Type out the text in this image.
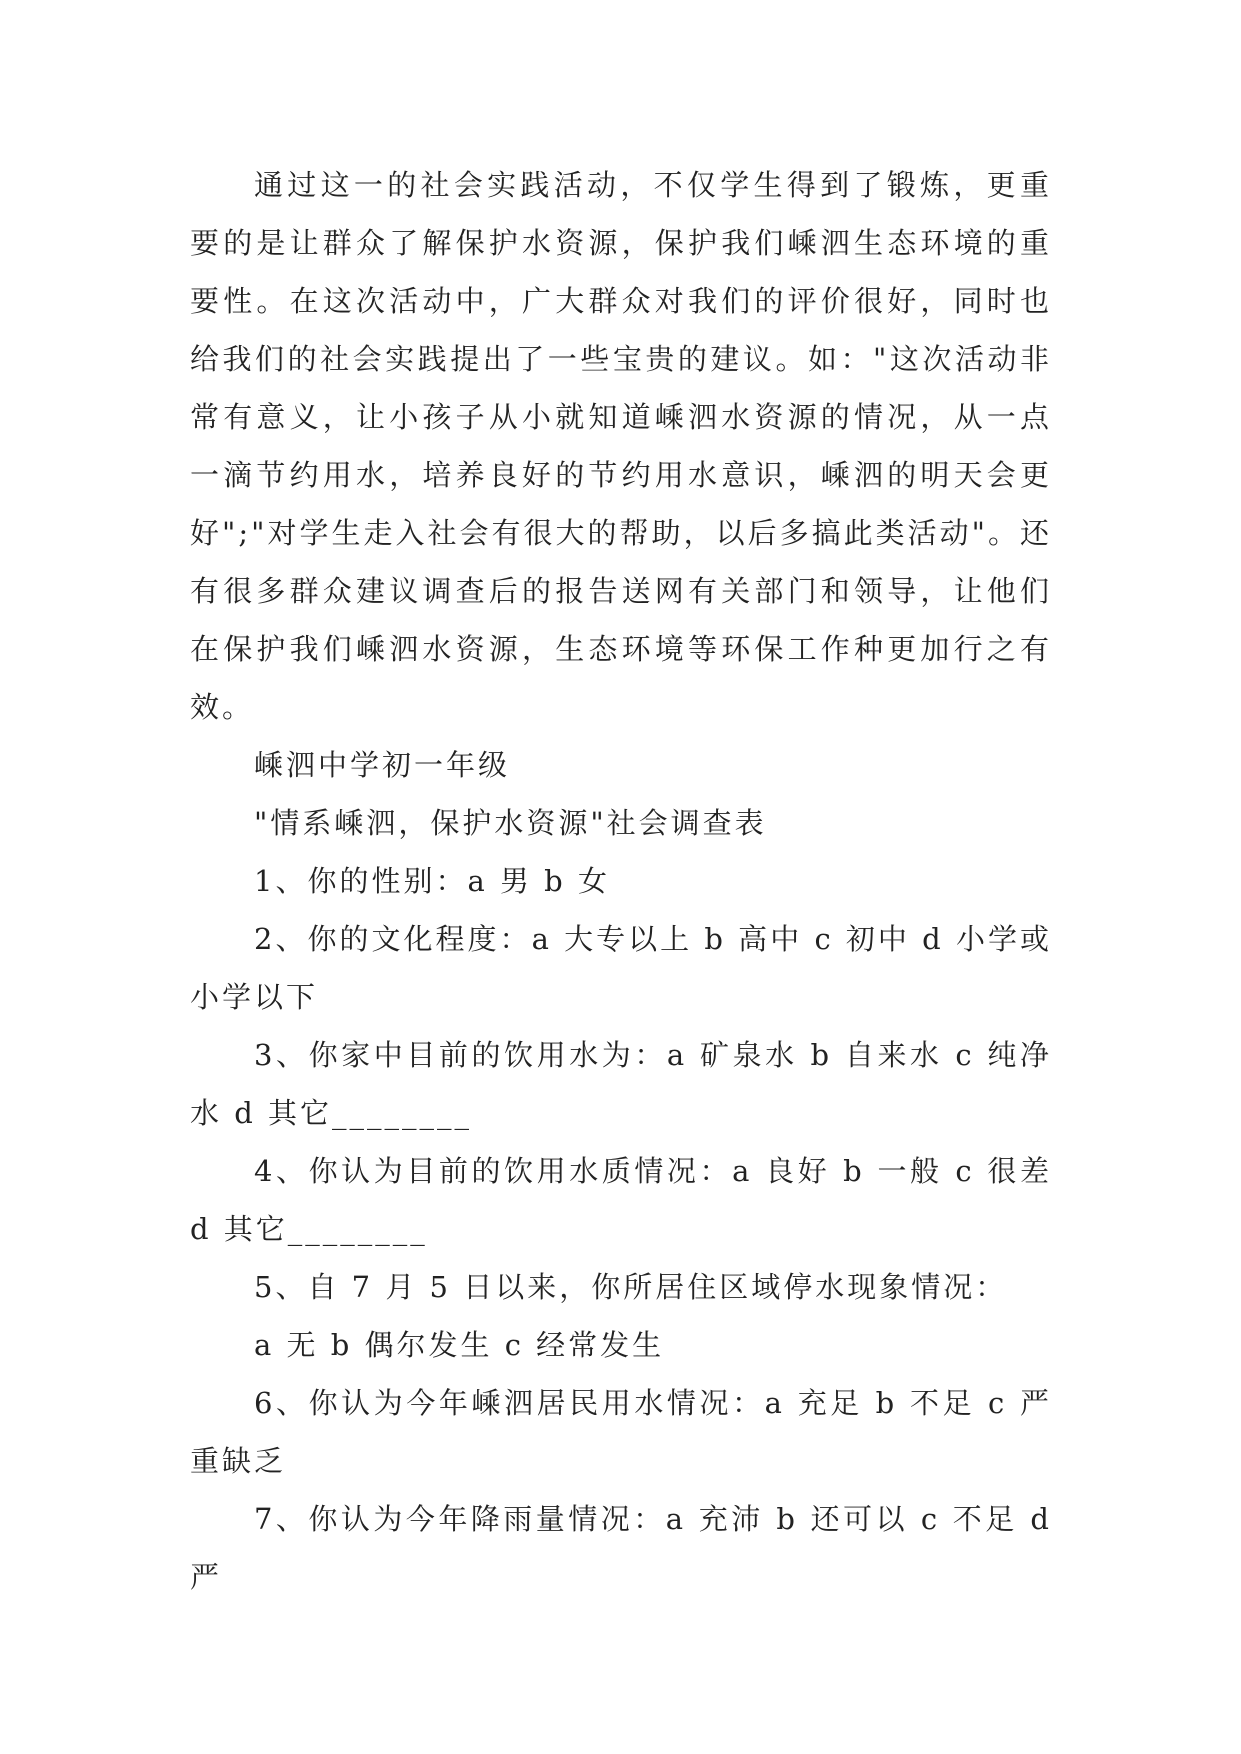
通过这一的社会实践活动，不仅学生得到了锻炼，更重要的是让群众了解保护水资源，保护我们嵊泗生态环境的重要性。在这次活动中，广大群众对我们的评价很好，同时也给我们的社会实践提出了一些宝贵的建议。如："这次活动非常有意义，让小孩子从小就知道嵊泗水资源的情况，从一点一滴节约用水，培养良好的节约用水意识，嵊泗的明天会更好";"对学生走入社会有很大的帮助，以后多搞此类活动"。还有很多群众建议调查后的报告送网有关部门和领导，让他们在保护我们嵊泗水资源，生态环境等环保工作种更加行之有效。

嵊泗中学初一年级

"情系嵊泗，保护水资源"社会调查表

1、你的性别：a 男 b 女

2、你的文化程度：a 大专以上 b 高中 c 初中 d 小学或小学以下

3、你家中目前的饮用水为：a 矿泉水 b 自来水 c 纯净水 d 其它________

4、你认为目前的饮用水质情况：a 良好 b 一般 c 很差 d 其它________

5、自 7 月 5 日以来，你所居住区域停水现象情况：

a 无 b 偶尔发生 c 经常发生

6、你认为今年嵊泗居民用水情况：a 充足 b 不足 c 严重缺乏

7、你认为今年降雨量情况：a 充沛 b 还可以 c 不足 d 严
